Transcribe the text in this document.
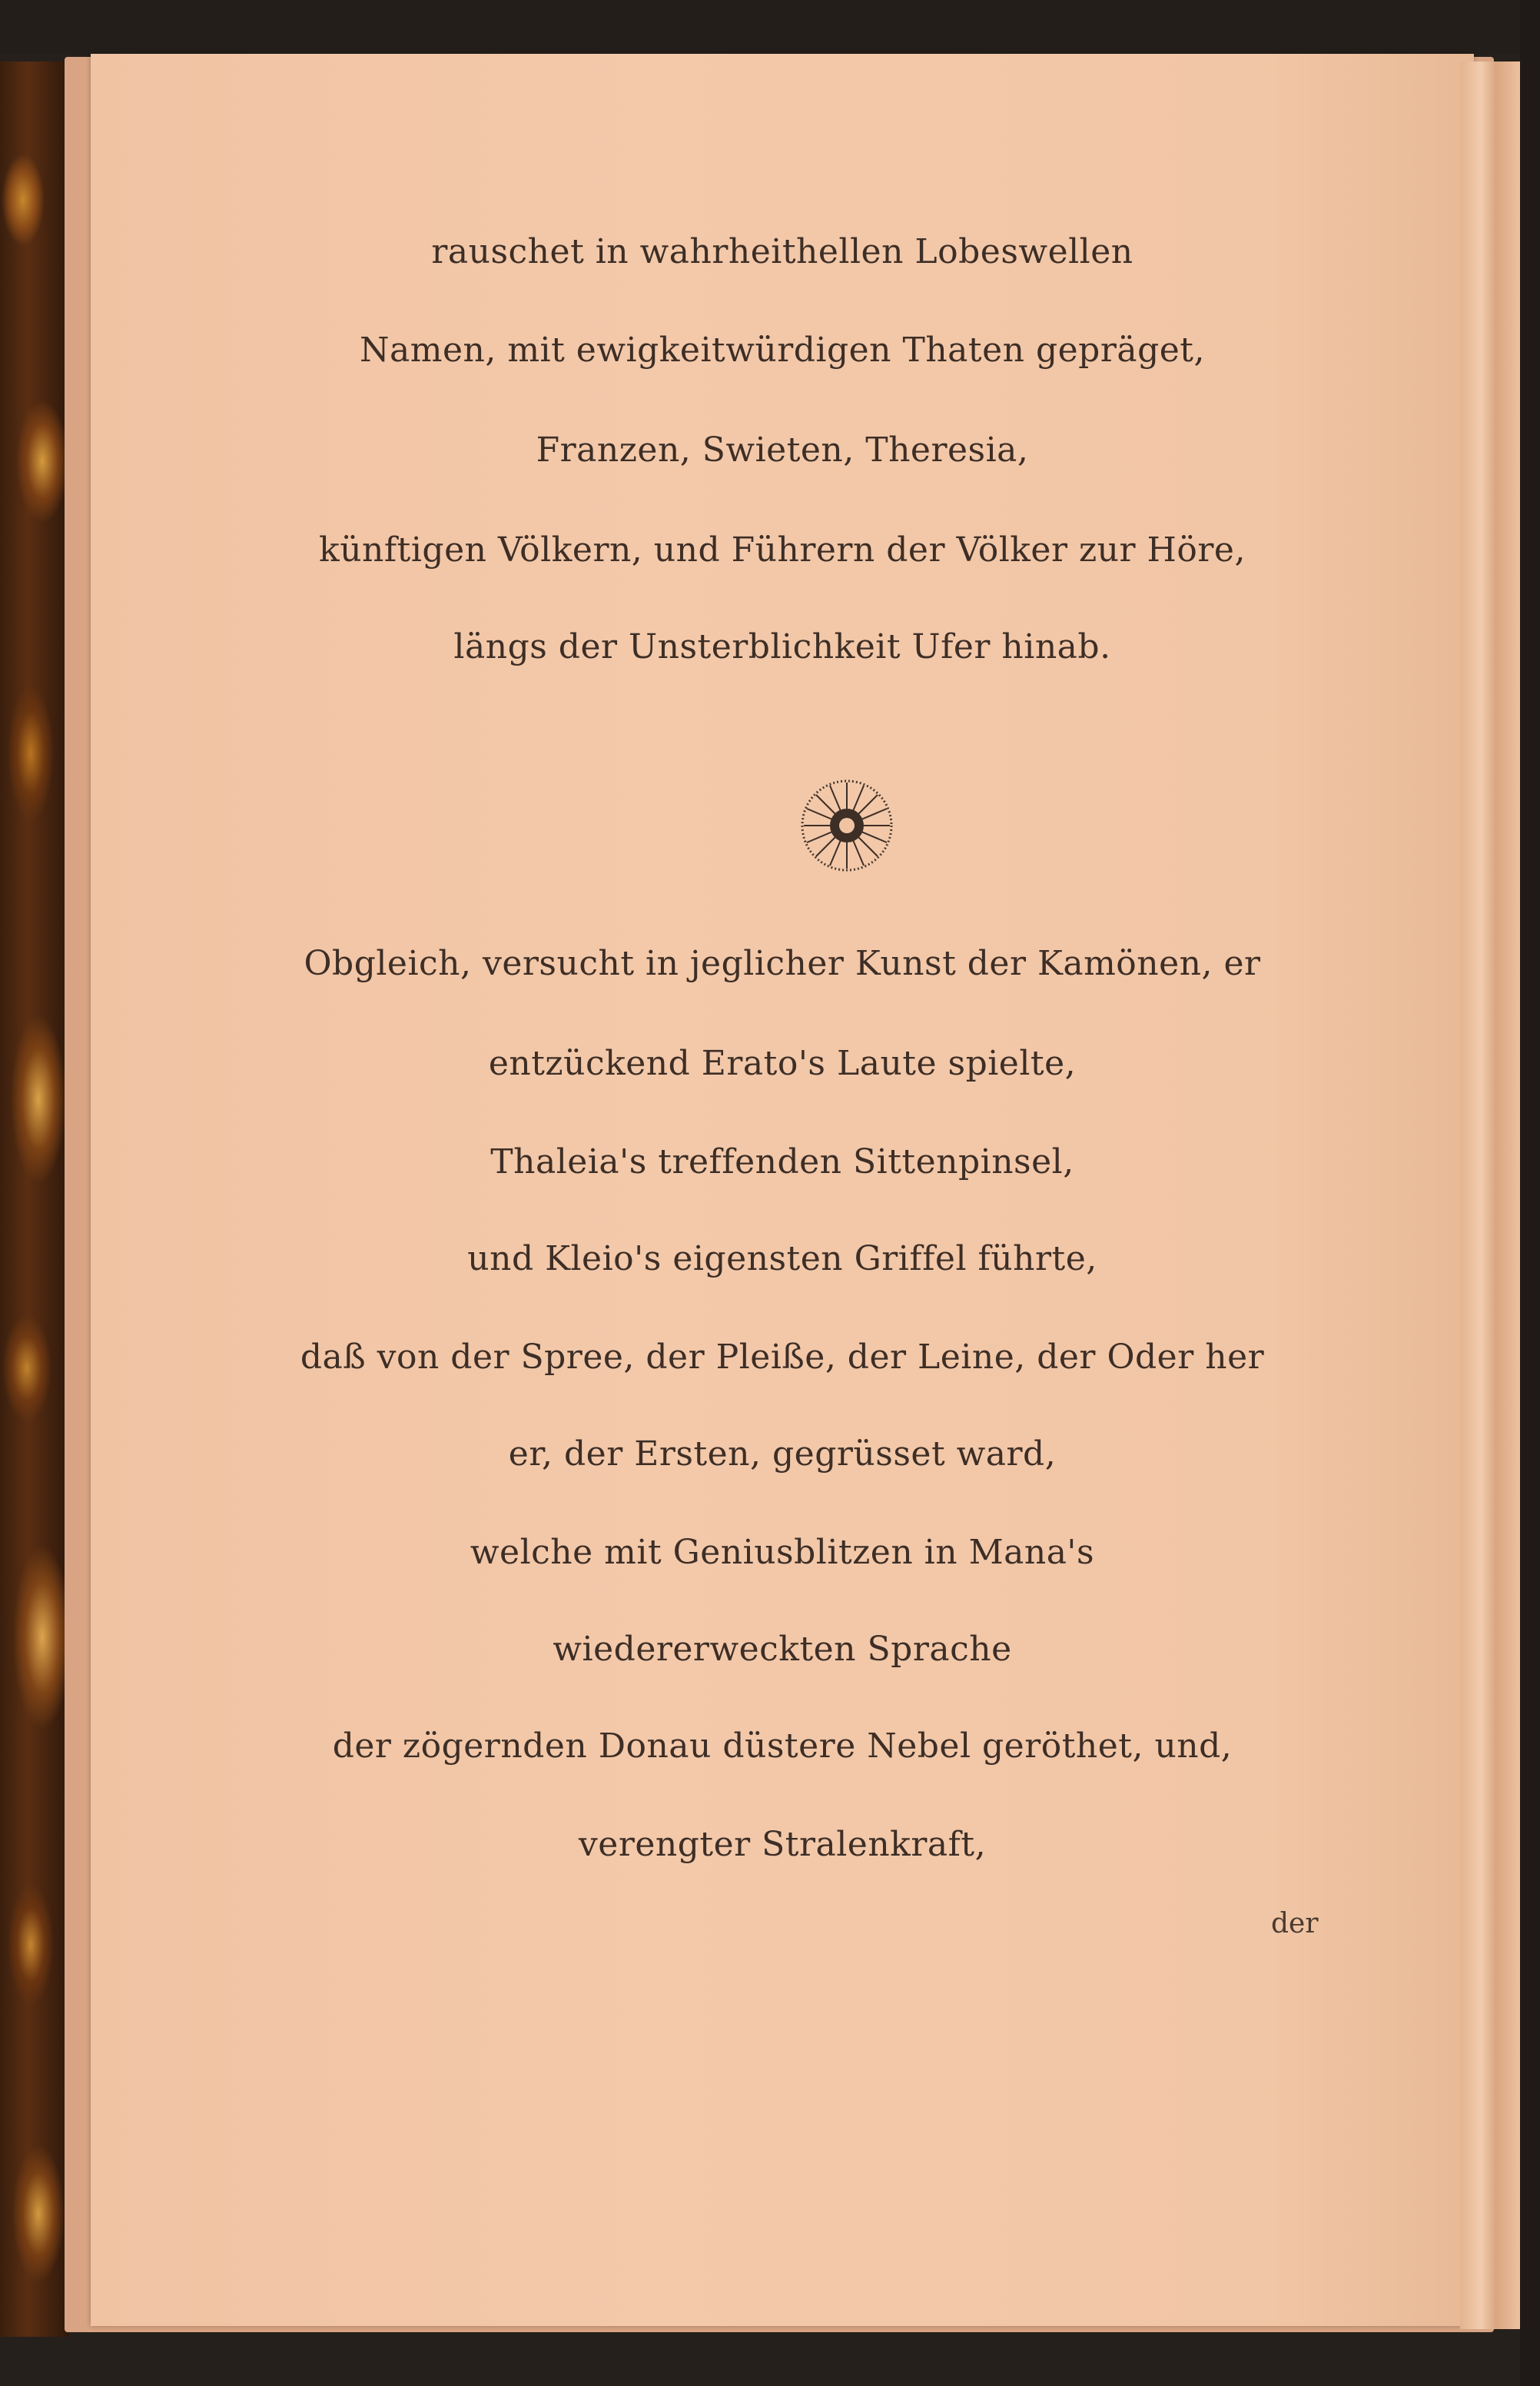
rauschet in wahrheithellen Lobeswellen
Namen, mit ewigkeitwürdigen Thaten gepräget,
Franzen, Swieten, Theresia,
künftigen Völkern, und Führern der Völker zur Höre,
längs der Unsterblichkeit Ufer hinab.
Obgleich, versucht in jeglicher Kunst der Kamönen, er
entzückend Erato's Laute spielte,
Thaleia's treffenden Sittenpinsel,
und Kleio's eigensten Griffel führte,
daß von der Spree, der Pleiße, der Leine, der Oder her
er, der Ersten, gegrüsset ward,
welche mit Geniusblitzen in Mana's
wiedererweckten Sprache
der zögernden Donau düstere Nebel geröthet, und,
verengter Stralenkraft,
der
